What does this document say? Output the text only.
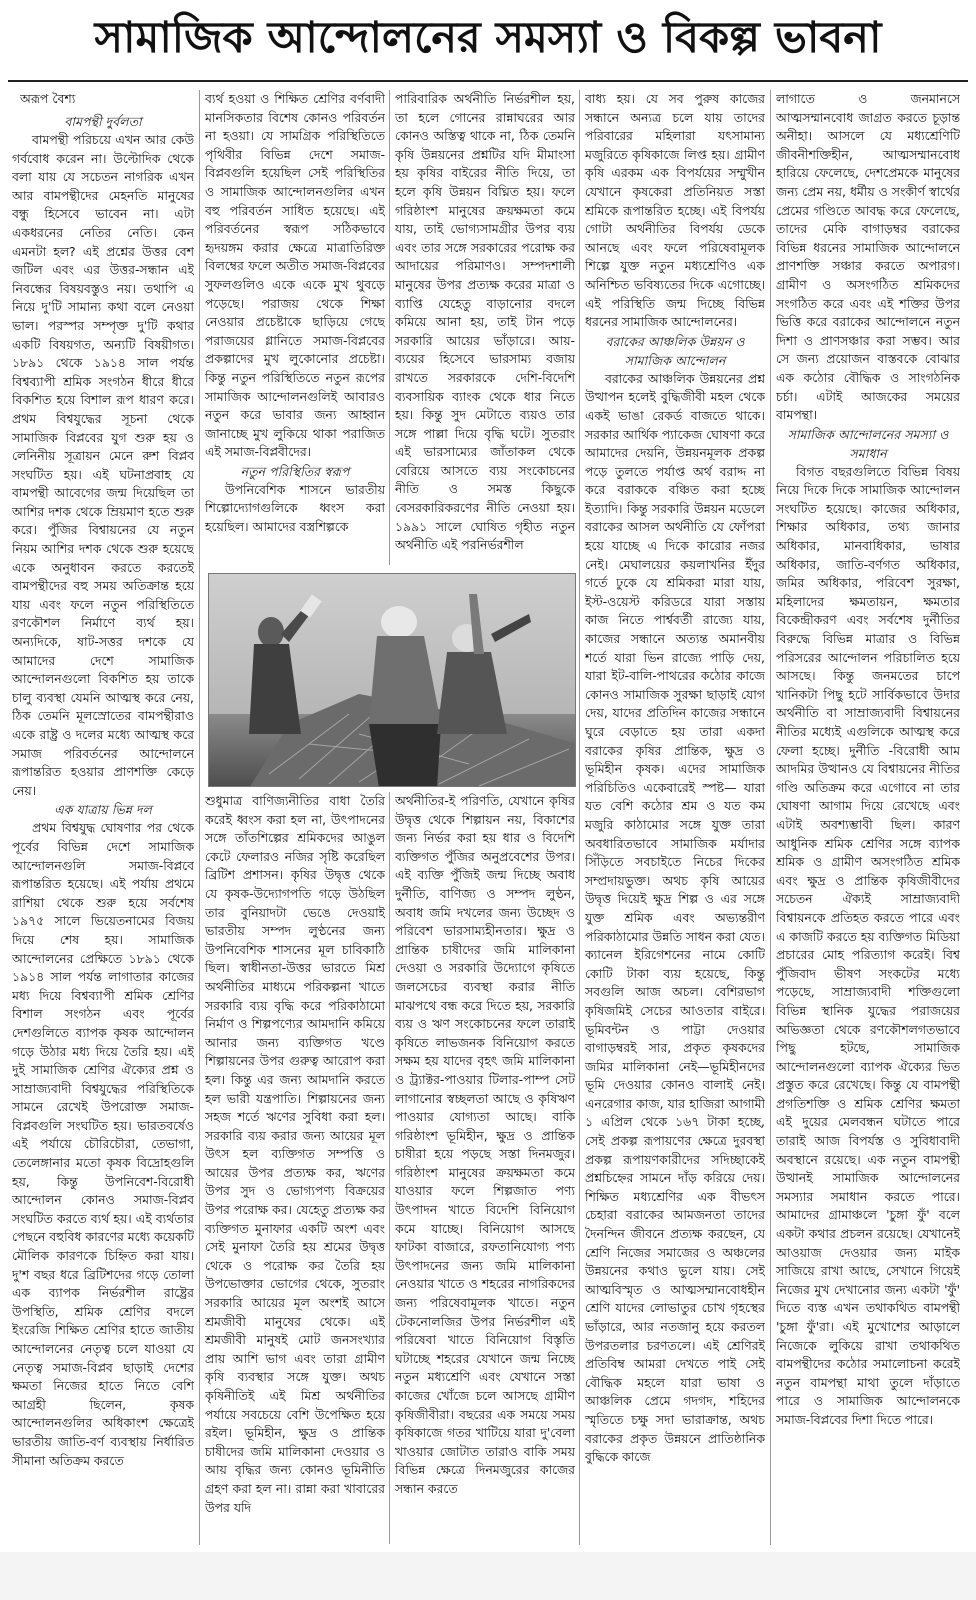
সামাজিক আন্দোলনের সমস্যা ও বিকল্প ভাবনা
অরূপ বৈশ্য
বামপন্থী দুর্বলতা

বামপন্থী পরিচয়ে এখন আর কেউ গর্ববোধ করেন না। উল্টোদিক থেকে বলা যায় যে সচেতন নাগরিক এখন আর বামপন্থীদের মেহনতি মানুষের বন্ধু হিসেবে ভাবেন না। এটা একধরনের নেতির নেতি। কেন এমনটা হল? এই প্রশ্নের উত্তর বেশ জটিল এবং এর উত্তর-সন্ধান এই নিবন্ধের বিষয়বস্তুও নয়। তথাপি এ নিয়ে দু'টি সামান্য কথা বলে নেওয়া ভাল। পরস্পর সম্পৃক্ত দু'টি কথার একটি বিষয়গত, অন্যটি বিষয়ীগত। ১৮৯১ থেকে ১৯১৪ সাল পর্যন্ত বিশ্বব্যাপী শ্রমিক সংগঠন ধীরে ধীরে বিকশিত হয়ে বিশাল রূপ ধারণ করে। প্রথম বিশ্বযুদ্ধের সূচনা থেকে সামাজিক বিপ্লবের যুগ শুরু হয় ও লেনিনীয় সূত্রায়ন মেনে রুশ বিপ্লব সংঘটিত হয়। এই ঘটনাপ্রবাহ যে বামপন্থী আবেগের জন্ম দিয়েছিল তা আশির দশক থেকে ম্রিয়মাণ হতে শুরু করে। পুঁজির বিশ্বায়নের যে নতুন নিয়ম আশির দশক থেকে শুরু হয়েছে একে অনুধাবন করতে করতেই বামপন্থীদের বহু সময় অতিক্রান্ত হয়ে যায় এবং ফলে নতুন পরিস্থিতিতে রণকৌশল নির্মাণে ব্যর্থ হয়। অন্যদিকে, ষাট-সত্তর দশকে যে আমাদের দেশে সামাজিক আন্দোলনগুলো বিকশিত হয় তাকে চালু ব্যবস্থা যেমনি আত্মস্থ করে নেয়, ঠিক তেমনি মূলস্রোতের বামপন্থীরাও একে রাষ্ট্র ও দলের মধ্যে আত্মস্থ করে সমাজ পরিবর্তনের আন্দোলনে রূপান্তরিত হওয়ার প্রাণশক্তি কেড়ে নেয়।

এক যাত্রায় ভিন্ন দল

প্রথম বিশ্বযুদ্ধ ঘোষণার পর থেকে পূর্বের বিভিন্ন দেশে সামাজিক আন্দোলনগুলি সমাজ-বিপ্লবে রূপান্তরিত হয়েছে। এই পর্যায় প্রথমে রাশিয়া থেকে শুরু হয়ে সর্বশেষ ১৯৭৫ সালে ভিয়েতনামের বিজয় দিয়ে শেষ হয়। সামাজিক আন্দোলনের প্রেক্ষিতে ১৮৯১ থেকে ১৯১৪ সাল পর্যন্ত লাগাতার কাজের মধ্য দিয়ে বিশ্বব্যাপী শ্রমিক শ্রেণির বিশাল সংগঠন এবং পূর্বের দেশগুলিতে ব্যাপক কৃষক আন্দোলন গড়ে উঠার মধ্য দিয়ে তৈরি হয়। এই দুই সামাজিক শ্রেণির ঐক্যের প্রশ্ন ও সাম্রাজ্যবাদী বিশ্বযুদ্ধের পরিস্থিতিকে সামনে রেখেই উপরোক্ত সমাজ-বিপ্লবগুলি সংঘটিত হয়। ভারতবর্ষেও এই পর্যায়ে চৌরিচৌরা, তেভাগা, তেলেঙ্গানার মতো কৃষক বিদ্রোহগুলি হয়, কিন্তু উপনিবেশ-বিরোধী আন্দোলন কোনও সমাজ-বিপ্লব সংঘটিত করতে ব্যর্থ হয়। এই ব্যর্থতার পেছনে বহুবিধ কারণের মধ্যে কয়েকটি মৌলিক কারণকে চিহ্নিত করা যায়। দু'শ বছর ধরে ব্রিটিশদের গড়ে তোলা এক ব্যাপক নির্ভরশীল রাষ্ট্রের উপস্থিতি, শ্রমিক শ্রেণির বদলে ইংরেজি শিক্ষিত শ্রেণির হাতে জাতীয় আন্দোলনের নেতৃত্ব চলে যাওয়া যে নেতৃত্ব সমাজ-বিপ্লব ছাড়াই দেশের ক্ষমতা নিজের হাতে নিতে বেশি আগ্রহী ছিলেন, কৃষক আন্দোলনগুলির অধিকাংশ ক্ষেত্রেই ভারতীয় জাতি-বর্ণ ব্যবস্থায় নির্ধারিত সীমানা অতিক্রম করতে

ব্যর্থ হওয়া ও শিক্ষিত শ্রেণির বর্ণবাদী মানসিকতার বিশেষ কোনও পরিবর্তন না হওয়া। যে সামগ্রিক পরিস্থিতিতে পৃথিবীর বিভিন্ন দেশে সমাজ-বিপ্লবগুলি হয়েছিল সেই পরিস্থিতির ও সামাজিক আন্দোলনগুলির এখন বহু পরিবর্তন সাধিত হয়েছে। এই পরিবর্তনের স্বরূপ সঠিকভাবে হৃদয়ঙ্গম করার ক্ষেত্রে মাত্রাতিরিক্ত বিলম্বের ফলে অতীত সমাজ-বিপ্লবের সুফলগুলিও একে একে মুখ থুবড়ে পড়েছে। পরাজয় থেকে শিক্ষা নেওয়ার প্রচেষ্টাকে ছাড়িয়ে গেছে পরাজয়ের গ্লানিতে সমাজ-বিপ্লবের প্রকল্পাদের মুখ লুকোনোর প্রচেষ্টা। কিন্তু নতুন পরিস্থিতিতে নতুন রূপের সামাজিক আন্দোলনগুলিই আবারও নতুন করে ভাবার জন্য আহ্বান জানাচ্ছে মুখ লুকিয়ে থাকা পরাজিত এই সমাজ-বিপ্লবীদের।

নতুন পরিস্থিতির স্বরূপ

উপনিবেশিক শাসনে ভারতীয় শিল্পোদ্যোগগুলিকে ধ্বংস করা হয়েছিল। আমাদের বস্ত্রশিল্পকে

পারিবারিক অর্থনীতি নির্ভরশীল হয়, তা হলে গোনের রান্নাঘরের আর কোনও অস্তিত্ব থাকে না, ঠিক তেমনি কৃষি উন্নয়নের প্রশ্নটির যদি মীমাংসা হয় কৃষির বাইরের নীতি দিয়ে, তা হলে কৃষি উন্নয়ন বিঘ্নিত হয়। ফলে গরিষ্ঠাংশ মানুষের ক্রয়ক্ষমতা কমে যায়, তাই ভোগ্যসামগ্রীর উপর ব্যয় এবং তার সঙ্গে সরকারের পরোক্ষ কর আদায়ের পরিমাণও। সম্পদশালী মানুষের উপর প্রত্যক্ষ করের মাত্রা ও ব্যাপ্তি যেহেতু বাড়ানোর বদলে কমিয়ে আনা হয়, তাই টান পড়ে সরকারি আয়ের ভাঁড়ারে। আয়-ব্যয়ের হিসেবে ভারসাম্য বজায় রাখতে সরকারকে দেশি-বিদেশি ব্যবসায়িক ব্যাংক থেকে ধার নিতে হয়। কিন্তু সুদ মেটাতে ব্যয়ও তার সঙ্গে পাল্লা দিয়ে বৃদ্ধি ঘটে। সুতরাং এই ভারসাম্যের জাঁতাকল থেকে বেরিয়ে আসতে ব্যয় সংকোচনের নীতি ও সমস্ত কিছুকে বেসরকারিকরণের নীতি নেওয়া হয়। ১৯৯১ সালে ঘোষিত গৃহীত নতুন অর্থনীতি এই পরনির্ভরশীল

শুধুমাত্র বাণিজ্যনীতির বাধা তৈরি করেই ধ্বংস করা হল না, উৎপাদনের সঙ্গে তাঁতশিল্পের শ্রমিকদের আঙুল কেটে ফেলারও নজির সৃষ্টি করেছিল ব্রিটিশ প্রশাসন। কৃষির উদ্বৃত্ত থেকে যে কৃষক-উদ্যোগপতি গড়ে উঠছিল তার বুনিয়াদটা ভেঙে দেওয়াই ভারতীয় সম্পদ লুণ্ঠনের জন্য উপনিবেশিক শাসনের মূল চাবিকাঠি ছিল। স্বাধীনতা-উত্তর ভারতে মিশ্র অর্থনীতির মাধ্যমে পরিকল্পনা খাতে সরকারি ব্যয় বৃদ্ধি করে পরিকাঠামো নির্মাণ ও শিল্পপণ্যের আমদানি কমিয়ে আনার জন্য ব্যক্তিগত খণ্ডে শিল্পায়নের উপর গুরুত্ব আরোপ করা হল। কিন্তু এর জন্য আমদানি করতে হল ভারী যন্ত্রপাতি। শিল্পায়নের জন্য সহজ শর্তে ঋণের সুবিধা করা হল। সরকারি ব্যয় করার জন্য আয়ের মূল উৎস হল ব্যক্তিগত সম্পত্তি ও আয়ের উপর প্রত্যক্ষ কর, ঋণের উপর সুদ ও ভোগ্যপণ্য বিক্রয়ের উপর পরোক্ষ কর। যেহেতু প্রত্যক্ষ কর ব্যক্তিগত মুনাফার একটি অংশ এবং সেই মুনাফা তৈরি হয় শ্রমের উদ্বৃত্ত থেকে ও পরোক্ষ কর তৈরি হয় উপভোক্তার ভোগের থেকে, সুতরাং সরকারি আয়ের মূল অংশই আসে শ্রমজীবী মানুষের থেকে। এই শ্রমজীবী মানুষই মোট জনসংখ্যার প্রায় আশি ভাগ এবং তারা গ্রামীণ কৃষি ব্যবস্থার সঙ্গে যুক্ত। অথচ কৃষিনীতিই এই মিশ্র অর্থনীতির পর্যায়ে সবচেয়ে বেশি উপেক্ষিত হয়ে রইল। ভূমিহীন, ক্ষুদ্র ও প্রান্তিক চাষীদের জমি মালিকানা দেওয়ার ও আয় বৃদ্ধির জন্য কোনও ভূমিনীতি গ্রহণ করা হল না। রান্না করা খাবারের উপর যদি

অর্থনীতির-ই পরিণতি, যেখানে কৃষির উদ্বৃত্ত থেকে শিল্পায়ন নয়, বিকাশের জন্য নির্ভর করা হয় ধার ও বিদেশি ব্যক্তিগত পুঁজির অনুপ্রবেশের উপর। এই ব্যক্তি পুঁজিই জন্ম দিচ্ছে অবাধ দুর্নীতি, বাণিজ্য ও সম্পদ লুণ্ঠন, অবাধ জমি দখলের জন্য উচ্ছেদ ও পরিবেশ ভারসাম্যহীনতার। ক্ষুদ্র ও প্রান্তিক চাষীদের জমি মালিকানা দেওয়া ও সরকারি উদ্যোগে কৃষিতে জলসেচের ব্যবস্থা করার নীতি মাঝপথে বন্ধ করে দিতে হয়, সরকারি ব্যয় ও ঋণ সংকোচনের ফলে তারাই কৃষিতে লাভজনক বিনিয়োগ করতে সক্ষম হয় যাদের বৃহৎ জমি মালিকানা ও ট্র্যাক্টর-পাওয়ার টিলার-পাম্প সেট লাগানোর স্বচ্ছলতা আছে ও কৃষিঋণ পাওয়ার যোগ্যতা আছে। বাকি গরিষ্ঠাংশ ভূমিহীন, ক্ষুদ্র ও প্রান্তিক চাষীরা হয়ে পড়ছে সস্তা দিনমজুর। গরিষ্ঠাংশ মানুষের ক্রয়ক্ষমতা কমে যাওয়ার ফলে শিল্পজাত পণ্য উৎপাদন খাতে বিদেশি বিনিয়োগ কমে যাচ্ছে। বিনিয়োগ আসছে ফাটকা বাজারে, রফতানিযোগ্য পণ্য উৎপাদনের জন্য জমি মালিকানা নেওয়ার খাতে ও শহরের নাগরিকদের জন্য পরিষেবামূলক খাতে। নতুন টেকনোলজির উপর নির্ভরশীল এই পরিষেবা খাতে বিনিয়োগ বিস্তৃতি ঘটাচ্ছে শহরের যেখানে জন্ম নিচ্ছে নতুন মধ্যশ্রেণি এবং যেখানে সস্তা কাজের খোঁজে চলে আসছে গ্রামীণ কৃষিজীবীরা। বছরের এক সময়ে সময় কৃষিকাজে গতর খাটিয়ে যারা দু'বেলা খাওয়ার জোটাত তারাও বাকি সময় বিভিন্ন ক্ষেত্রে দিনমজুরের কাজের সন্ধান করতে

বাধ্য হয়। যে সব পুরুষ কাজের সন্ধানে অন্যত্র চলে যায় তাদের পরিবারের মহিলারা যৎসামান্য মজুরিতে কৃষিকাজে লিপ্ত হয়। গ্রামীণ কৃষি এরকম এক বিপর্যয়ের সম্মুখীন যেখানে কৃষকেরা প্রতিনিয়ত সস্তা শ্রমিকে রূপান্তরিত হচ্ছে। এই বিপর্যয় গোটা অর্থনীতির বিপর্যয় ডেকে আনছে এবং ফলে পরিষেবামূলক শিল্পে যুক্ত নতুন মধ্যশ্রেণিও এক অনিশ্চিত ভবিষ্যতের দিকে এগোচ্ছে। এই পরিস্থিতি জন্ম দিচ্ছে বিভিন্ন ধরনের সামাজিক আন্দোলনের।

বরাকের আঞ্চলিক উন্নয়ন ও সামাজিক আন্দোলন

বরাকের আঞ্চলিক উন্নয়নের প্রশ্ন উত্থাপন হলেই বুদ্ধিজীবী মহল থেকে একই ভাঙা রেকর্ড বাজতে থাকে। সরকার আর্থিক প্যাকেজ ঘোষণা করে আমাদের দেয়নি, উন্নয়নমূলক প্রকল্প পড়ে তুলতে পর্যাপ্ত অর্থ বরাদ্দ না করে বরাককে বঞ্চিত করা হচ্ছে ইত্যাদি। কিন্তু সরকারি উন্নয়ন মডেলে বরাকের আসল অর্থনীতি যে ফোঁপরা হয়ে যাচ্ছে এ দিকে কারোর নজর নেই। মেঘালয়ের কয়লাখনির ইঁদুর গর্তে ঢুকে যে শ্রমিকরা মারা যায়, ইস্ট-ওয়েস্ট করিডরে যারা সস্তায় কাজ নিতে পার্শ্ববর্তী রাজ্যে যায়, কাজের সন্ধানে অত্যন্ত অমানবীয় শর্তে যারা ভিন রাজ্যে পাড়ি দেয়, যারা ইট-বালি-পাথরের কঠোর কাজে কোনও সামাজিক সুরক্ষা ছাড়াই যোগ দেয়, যাদের প্রতিদিন কাজের সন্ধানে ঘুরে বেড়াতে হয় তারা একদা বরাকের কৃষির প্রান্তিক, ক্ষুদ্র ও ভূমিহীন কৃষক। এদের সামাজিক পরিচিতিও একেবারেই স্পষ্ট— যারা যত বেশি কঠোর শ্রম ও যত কম মজুরি কাঠামোর সঙ্গে যুক্ত তারা অবধারিতভাবে সামাজিক মর্যাদার সিঁড়িতে সবচাইতে নিচের দিকের সম্প্রদায়ভুক্ত। অথচ কৃষি আয়ের উদ্বৃত্ত দিয়েই ক্ষুদ্র শিল্প ও এর সঙ্গে যুক্ত শ্রমিক এবং অভ্যন্তরীণ পরিকাঠামোর উন্নতি সাধন করা যেত। ক্যানেল ইরিগেশনের নামে কোটি কোটি টাকা ব্যয় হয়েছে, কিন্তু সবগুলি আজ অচল। বেশিরভাগ কৃষিজমিই সেচের আওতার বাইরে। ভূমিবন্টন ও পাট্টা দেওয়ার বাগাড়ম্বরই সার, প্রকৃত কৃষকদের জমির মালিকানা নেই—ভূমিহীনদের ভূমি দেওয়ার কোনও বালাই নেই। এনরেগার কাজ, যার হাজিরা আগামী ১ এপ্রিল থেকে ১৬৭ টাকা হচ্ছে, সেই প্রকল্প রূপায়ণের ক্ষেত্রে দুরবস্থা প্রকল্প রূপায়ণকারীদের সদিচ্ছাকেই প্রশ্নচিহ্নের সামনে দাঁড় করিয়ে দেয়। শিক্ষিত মধ্যশ্রেণির এক বীভৎস চেহারা বরাকের আমজনতা তাদের দৈনন্দিন জীবনে প্রত্যক্ষ করছেন, যে শ্রেণি নিজের সমাজের ও অঞ্চলের উন্নয়নের কথাও ভুলে যায়। সেই আত্মবিস্মৃত ও আত্মসম্মানবোধহীন শ্রেণি যাদের লোভাতুর চোখ গৃহস্থের ভাঁড়ারে, আর নতজানু হয়ে করতল উপরতলার চরণতলে। এই শ্রেণিরই প্রতিবিম্ব আমরা দেখতে পাই সেই বৌদ্ধিক মহলে যারা ভাষা ও আঞ্চলিক প্রেমে গদগদ, শহিদের স্মৃতিতে চক্ষু সদা ভারাক্রান্ত, অথচ বরাকের প্রকৃত উন্নয়নে প্রাতিষ্ঠানিক বুদ্ধিকে কাজে

লাগাতে ও জনমানসে আত্মসম্মানবোধ জাগ্রত করতে চূড়ান্ত অনীহা। আসলে যে মধ্যশ্রেণিটি জীবনীশক্তিহীন, আত্মসম্মানবোধ হারিয়ে ফেলেছে, দেশপ্রেমকে মানুষের জন্য প্রেম নয়, ধর্মীয় ও সংকীর্ণ স্বার্থের প্রেমের গণ্ডিতে আবদ্ধ করে ফেলেছে, তাদের মেকি বাগাড়ম্বর বরাকের বিভিন্ন ধরনের সামাজিক আন্দোলনে প্রাণশক্তি সঞ্চার করতে অপারগ। গ্রামীণ ও অসংগঠিত শ্রমিকদের সংগঠিত করে এবং এই শক্তির উপর ভিত্তি করে বরাকের আন্দোলনে নতুন দিশা ও প্রাণসঞ্চার করা সম্ভব। আর সে জন্য প্রয়োজন বাস্তবকে বোঝার এক কঠোর বৌদ্ধিক ও সাংগঠনিক চর্চা। এটাই আজকের সময়ের বামপন্থা।

সামাজিক আন্দোলনের সমস্যা ও সমাধান

বিগত বছরগুলিতে বিভিন্ন বিষয় নিয়ে দিকে দিকে সামাজিক আন্দোলন সংঘটিত হয়েছে। কাজের অধিকার, শিক্ষার অধিকার, তথ্য জানার অধিকার, মানবাধিকার, ভাষার অধিকার, জাতি-বর্ণগত অধিকার, জমির অধিকার, পরিবেশ সুরক্ষা, মহিলাদের ক্ষমতায়ন, ক্ষমতার বিকেন্দ্রীকরণ এবং সর্বশেষ দুর্নীতির বিরুদ্ধে বিভিন্ন মাত্রার ও বিভিন্ন পরিসরের আন্দোলন পরিচালিত হয়ে আসছে। কিন্তু জনমতের চাপে খানিকটা পিছু হটে সার্বিকভাবে উদার অর্থনীতি বা সাম্রাজ্যবাদী বিশ্বায়নের নীতির মধ্যেই এগুলিকে আত্মস্থ করে ফেলা হচ্ছে। দুর্নীতি -বিরোধী আম আদমির উত্থানও যে বিশ্বায়নের নীতির গণ্ডি অতিক্রম করে এগোবে না তার ঘোষণা আগাম দিয়ে রেখেছে এবং এটাই অবশ্যম্ভাবী ছিল। কারণ আধুনিক শ্রমিক শ্রেণির সঙ্গে ব্যাপক শ্রমিক ও গ্রামীণ অসংগঠিত শ্রমিক এবং ক্ষুদ্র ও প্রান্তিক কৃষিজীবীদের সচেতন ঐক্যই সাম্রাজ্যবাদী বিশ্বায়নকে প্রতিহত করতে পারে এবং এ কাজটি করতে হয় ব্যক্তিগত মিডিয়া প্রচারের মোহ পরিত্যাগ করেই। বিশ্ব পুঁজিবাদ ভীষণ সংকটের মধ্যে পড়েছে, সাম্রাজ্যবাদী শক্তিগুলো বিভিন্ন স্থানিক যুদ্ধের পরাজয়ের অভিজ্ঞতা থেকে রণকৌশলগতভাবে পিছু হটছে, সামাজিক আন্দোলনগুলো ব্যাপক ঐক্যের ভিত প্রস্তুত করে রেখেছে। কিন্তু যে বামপন্থী প্রগতিশক্তি ও শ্রমিক শ্রেণির ক্ষমতা এই দুয়ের মেলবন্ধন ঘটাতে পারে তারাই আজ বিপর্যস্ত ও সুবিধাবাদী অবস্থানে রয়েছে। এক নতুন বামপন্থী উত্থানই সামাজিক আন্দোলনের সমস্যার সমাধান করতে পারে। আমাদের গ্রামাঞ্চলে 'চুঙ্গা ফুঁ' বলে একটা কথার প্রচলন রয়েছে। যেখানেই আওয়াজ দেওয়ার জন্য মাইক সাজিয়ে রাখা আছে, সেখানে গিয়েই নিজের মুখ দেখানোর জন্য একটা 'ফুঁ' দিতে ব্যস্ত এখন তথাকথিত বামপন্থী 'চুঙ্গা ফুঁ'রা। এই মুখোশের আড়ালে নিজেকে লুকিয়ে রাখা তথাকথিত বামপন্থীদের কঠোর সমালোচনা করেই নতুন বামপন্থা মাথা তুলে দাঁড়াতে পারে ও সামাজিক আন্দোলনকে সমাজ-বিপ্লবের দিশা দিতে পারে।
